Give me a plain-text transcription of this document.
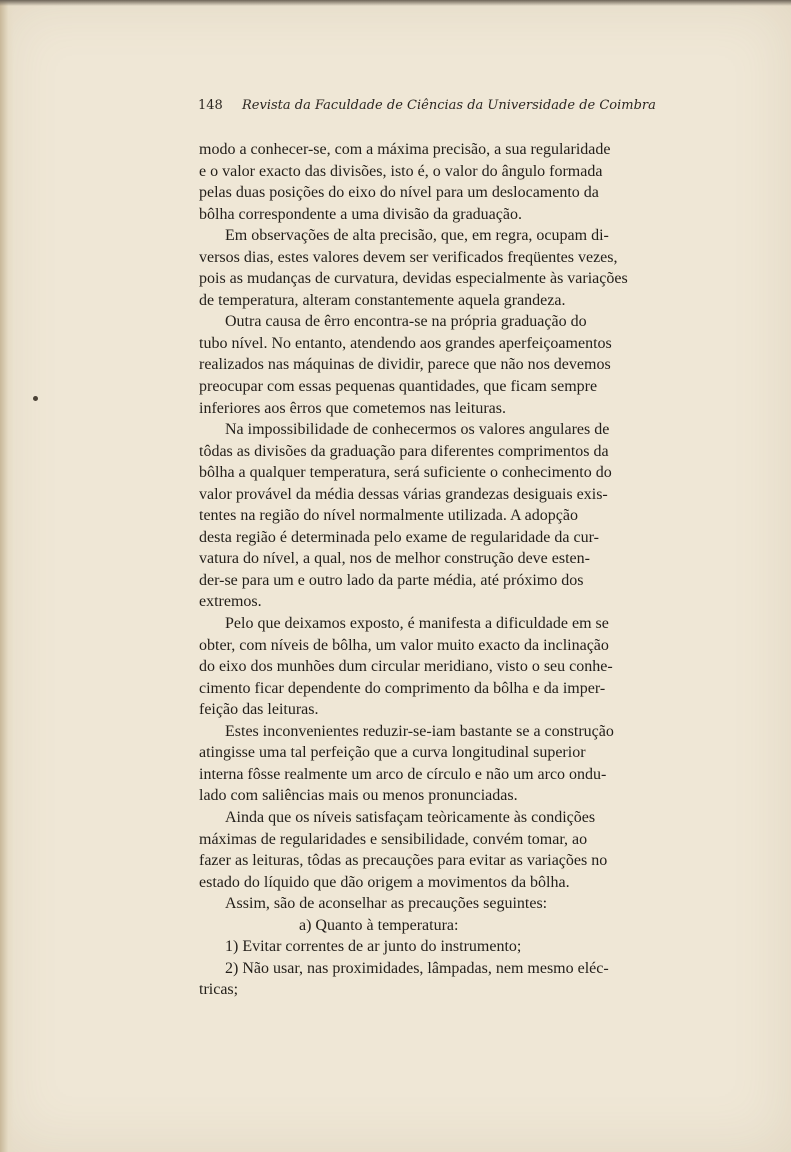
148 Revista da Faculdade de Ciências da Universidade de Coimbra
modo a conhecer-se, com a máxima precisão, a sua regularidade
e o valor exacto das divisões, isto é, o valor do ângulo formada
pelas duas posições do eixo do nível para um deslocamento da
bôlha correspondente a uma divisão da graduação.
Em observações de alta precisão, que, em regra, ocupam di-
versos dias, estes valores devem ser verificados freqüentes vezes,
pois as mudanças de curvatura, devidas especialmente às variações
de temperatura, alteram constantemente aquela grandeza.
Outra causa de êrro encontra-se na própria graduação do
tubo nível. No entanto, atendendo aos grandes aperfeiçoamentos
realizados nas máquinas de dividir, parece que não nos devemos
preocupar com essas pequenas quantidades, que ficam sempre
inferiores aos êrros que cometemos nas leituras.
Na impossibilidade de conhecermos os valores angulares de
tôdas as divisões da graduação para diferentes comprimentos da
bôlha a qualquer temperatura, será suficiente o conhecimento do
valor provável da média dessas várias grandezas desiguais exis-
tentes na região do nível normalmente utilizada. A adopção
desta região é determinada pelo exame de regularidade da cur-
vatura do nível, a qual, nos de melhor construção deve esten-
der-se para um e outro lado da parte média, até próximo dos
extremos.
Pelo que deixamos exposto, é manifesta a dificuldade em se
obter, com níveis de bôlha, um valor muito exacto da inclinação
do eixo dos munhões dum circular meridiano, visto o seu conhe-
cimento ficar dependente do comprimento da bôlha e da imper-
feição das leituras.
Estes inconvenientes reduzir-se-iam bastante se a construção
atingisse uma tal perfeição que a curva longitudinal superior
interna fôsse realmente um arco de círculo e não um arco ondu-
lado com saliências mais ou menos pronunciadas.
Ainda que os níveis satisfaçam teòricamente às condições
máximas de regularidades e sensibilidade, convém tomar, ao
fazer as leituras, tôdas as precauções para evitar as variações no
estado do líquido que dão origem a movimentos da bôlha.
Assim, são de aconselhar as precauções seguintes:
a) Quanto à temperatura:
1) Evitar correntes de ar junto do instrumento;
2) Não usar, nas proximidades, lâmpadas, nem mesmo eléc-
tricas;
